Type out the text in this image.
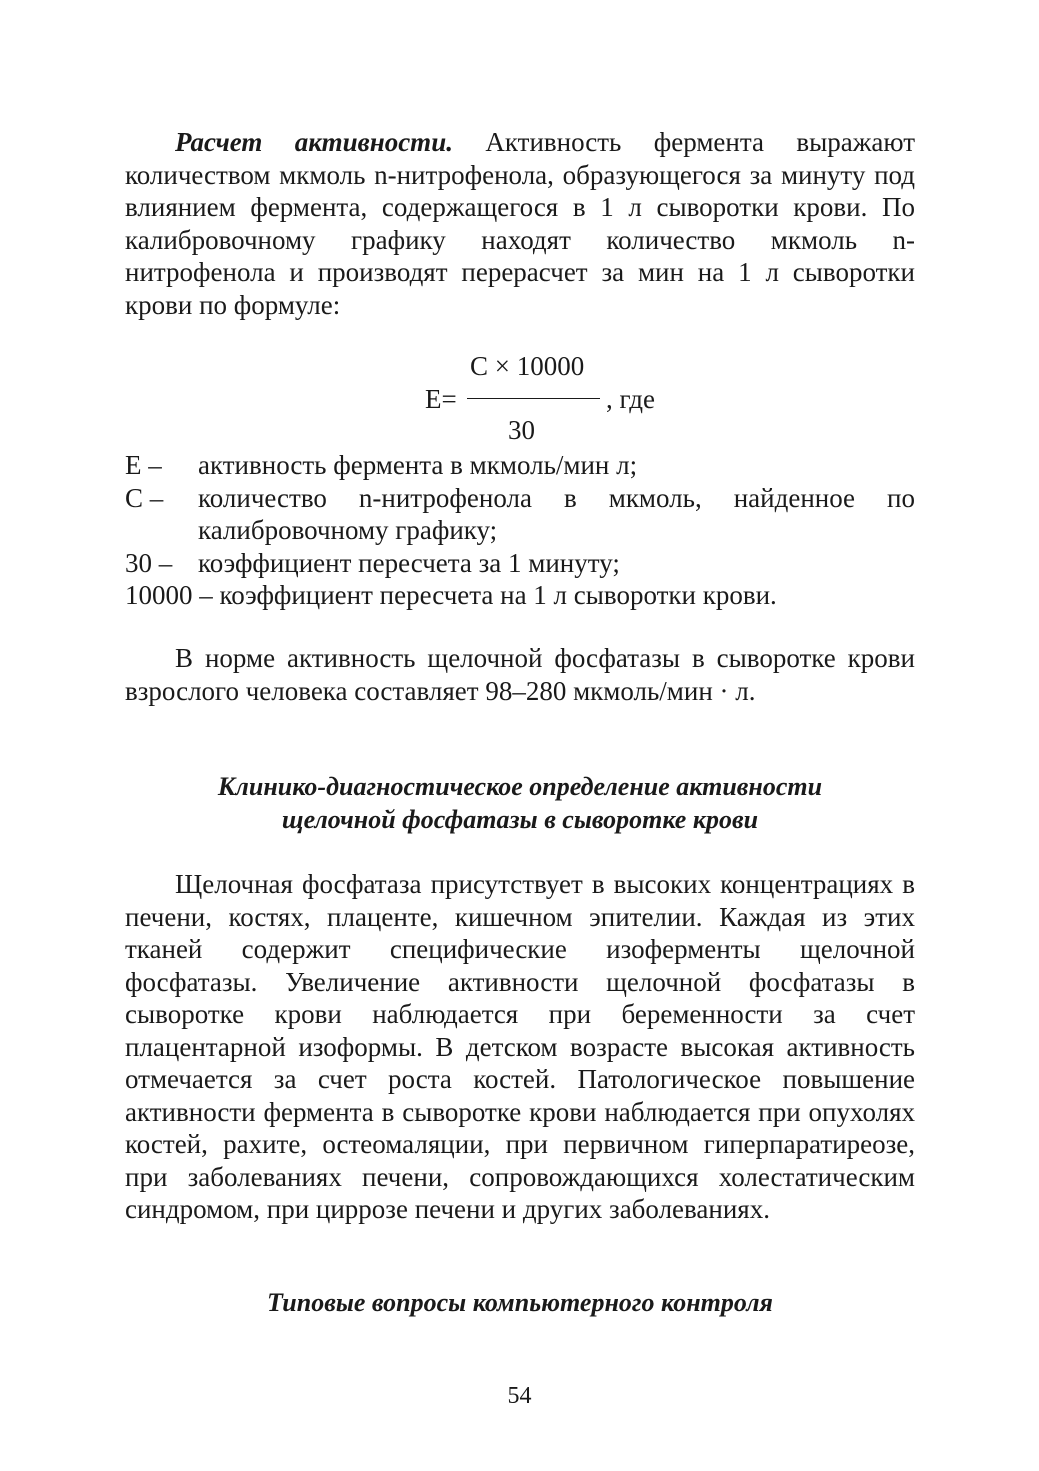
Расчет активности. Активность фермента выражают количеством мкмоль n-нитрофенола, образующегося за минуту под влиянием фермента, содержащегося в 1 л сыворотки крови. По калибровочному графику находят количество мкмоль n-нитрофенола и производят перерасчет за мин на 1 л сыворотки крови по формуле:

С × 10000
Е=	, где
30
Е –	активность фермента в мкмоль/мин л;
С –	количество n-нитрофенола в мкмоль, найденное по калибровочному графику;
30 – коэффициент пересчета за 1 минуту;
10000 – коэффициент пересчета на 1 л сыворотки крови.

В норме активность щелочной фосфатазы в сыворотке крови взрослого человека составляет 98–280 мкмоль/мин · л.

Клинико-диагностическое определение активности
щелочной фосфатазы в сыворотке крови

Щелочная фосфатаза присутствует в высоких концентрациях в печени, костях, плаценте, кишечном эпителии. Каждая из этих тканей содержит специфические изоферменты щелочной фосфатазы. Увеличение активности щелочной фосфатазы в сыворотке крови наблюдается при беременности за счет плацентарной изоформы. В детском возрасте высокая активность отмечается за счет роста костей. Патологическое повышение активности фермента в сыворотке крови наблюдается при опухолях костей, рахите, остеомаляции, при первичном гиперпаратиреозе, при заболеваниях печени, сопровождающихся холестатическим синдромом, при циррозе печени и других заболеваниях.

Типовые вопросы компьютерного контроля
54
